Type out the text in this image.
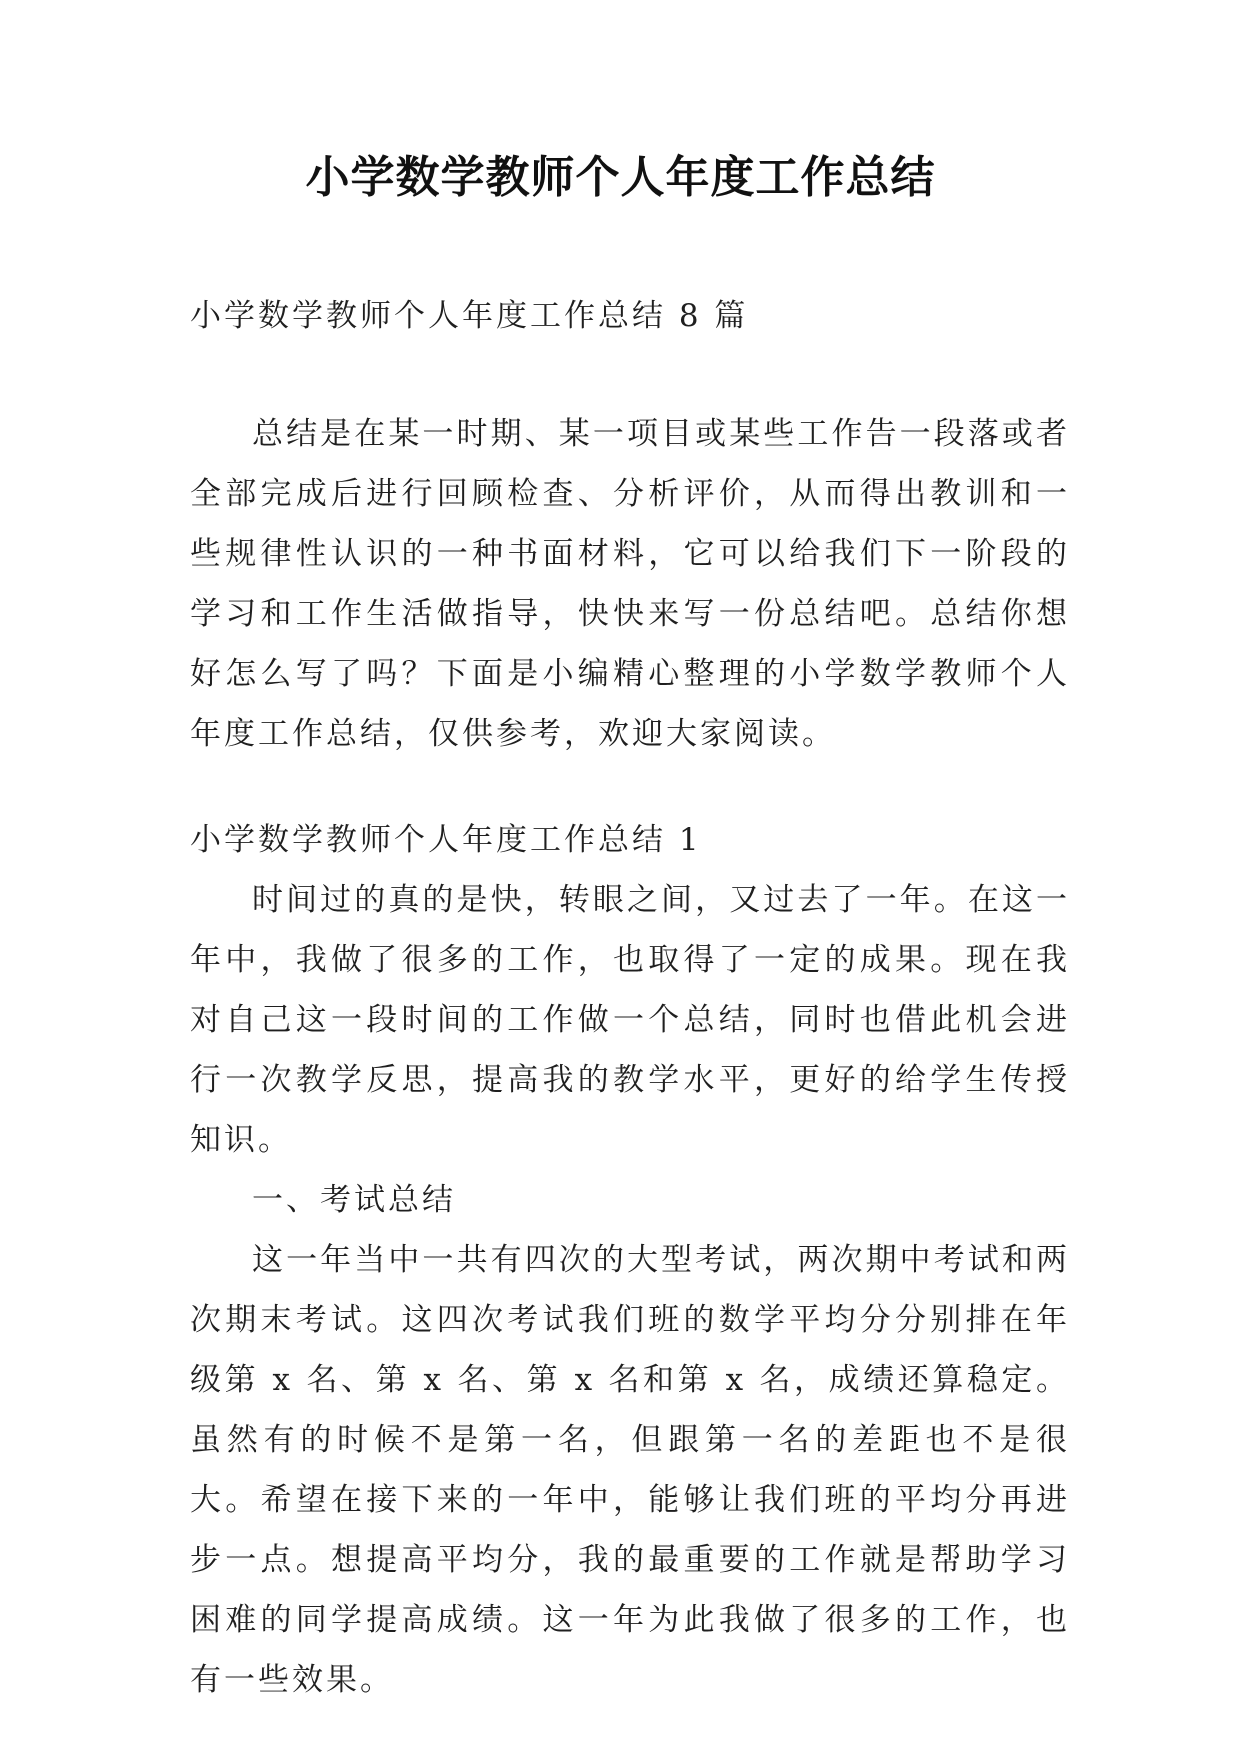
小学数学教师个人年度工作总结
小学数学教师个人年度工作总结 8 篇

总结是在某一时期、某一项目或某些工作告一段落或者全部完成后进行回顾检查、分析评价，从而得出教训和一些规律性认识的一种书面材料，它可以给我们下一阶段的学习和工作生活做指导，快快来写一份总结吧。总结你想好怎么写了吗？下面是小编精心整理的小学数学教师个人年度工作总结，仅供参考，欢迎大家阅读。

小学数学教师个人年度工作总结 1

时间过的真的是快，转眼之间，又过去了一年。在这一年中，我做了很多的工作，也取得了一定的成果。现在我对自己这一段时间的工作做一个总结，同时也借此机会进行一次教学反思，提高我的教学水平，更好的给学生传授知识。

一、考试总结

这一年当中一共有四次的大型考试，两次期中考试和两次期末考试。这四次考试我们班的数学平均分分别排在年级第 x 名、第 x 名、第 x 名和第 x 名，成绩还算稳定。虽然有的时候不是第一名，但跟第一名的差距也不是很大。希望在接下来的一年中，能够让我们班的平均分再进步一点。想提高平均分，我的最重要的工作就是帮助学习困难的同学提高成绩。这一年为此我做了很多的工作，也有一些效果。
